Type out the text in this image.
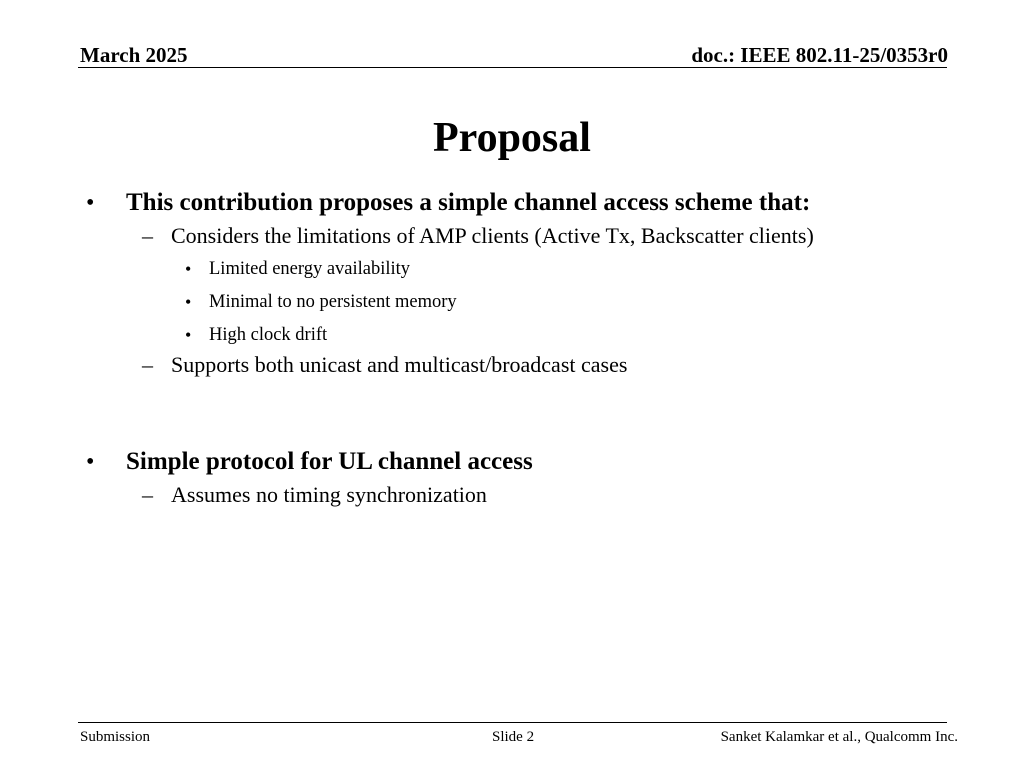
March 2025	doc.: IEEE 802.11-25/0353r0
Proposal
• This contribution proposes a simple channel access scheme that:
– Considers the limitations of AMP clients (Active Tx, Backscatter clients)
• Limited energy availability
• Minimal to no persistent memory
• High clock drift
– Supports both unicast and multicast/broadcast cases
• Simple protocol for UL channel access
– Assumes no timing synchronization
Submission	Slide 2	Sanket Kalamkar et al., Qualcomm Inc.
